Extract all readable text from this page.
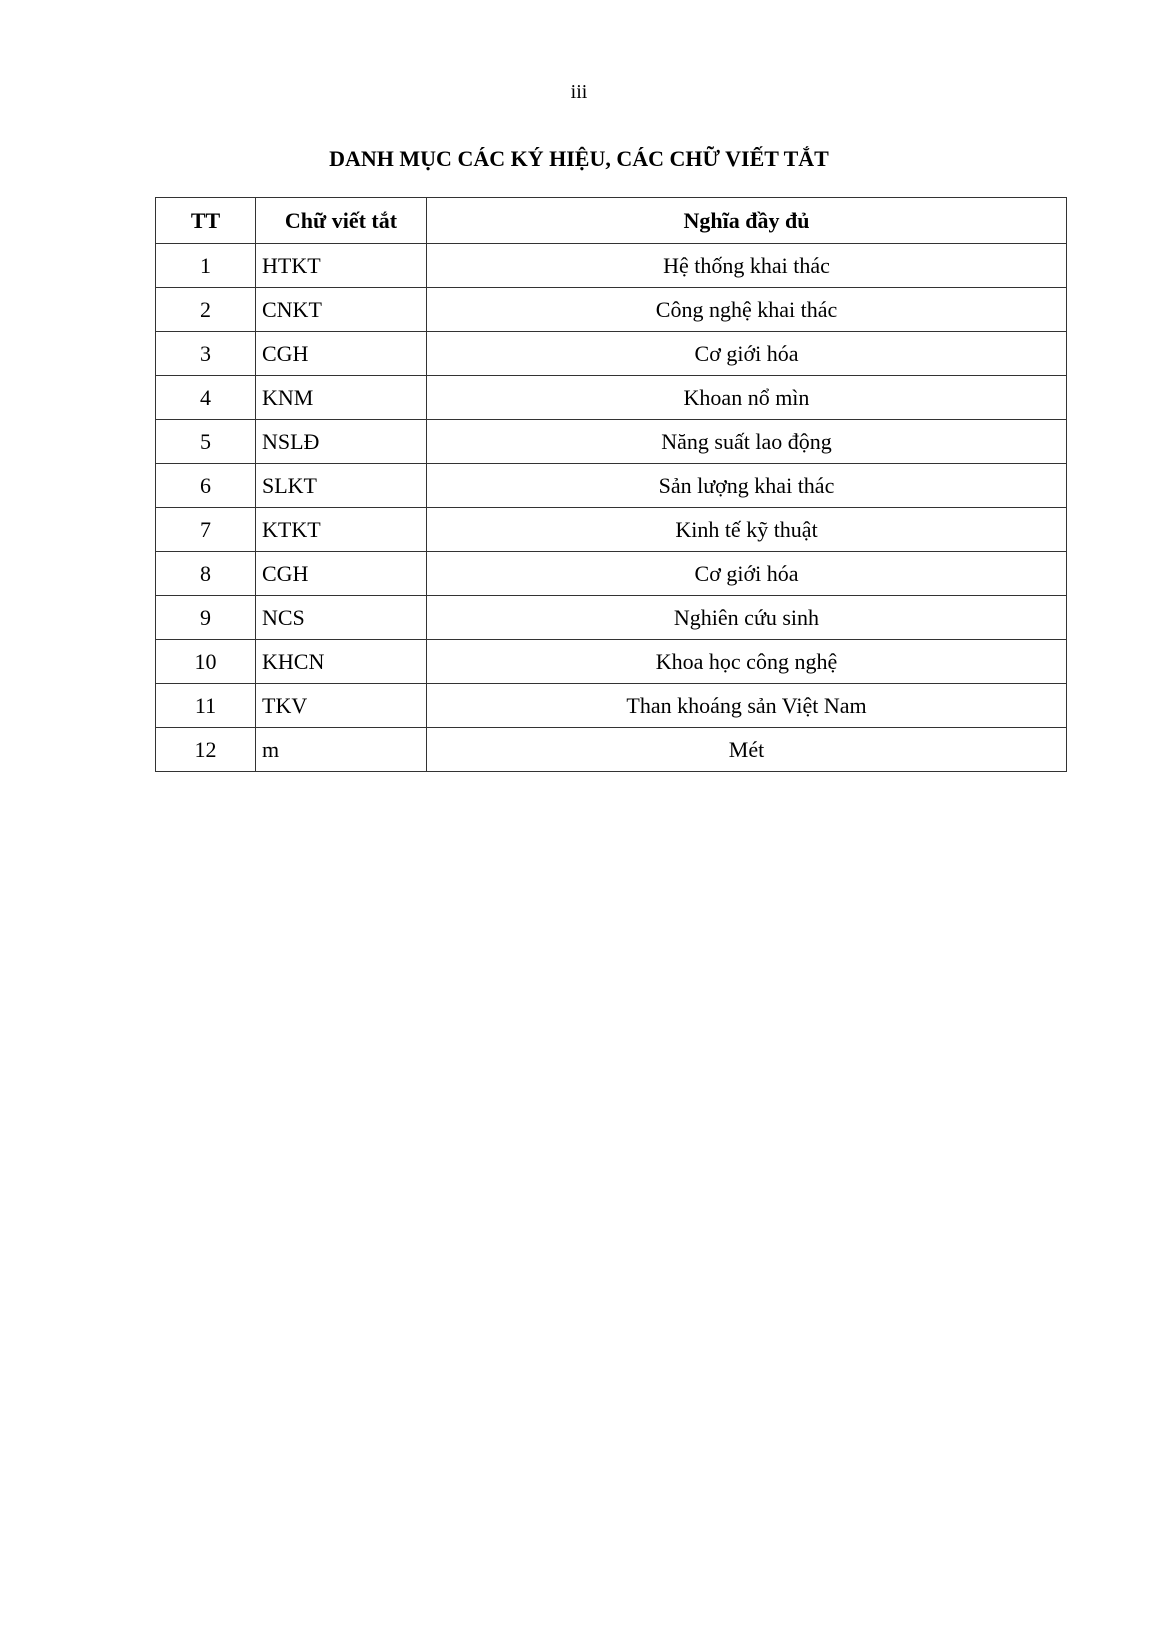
iii
DANH MỤC CÁC KÝ HIỆU, CÁC CHỮ VIẾT TẮT
TT	Chữ viết tắt	Nghĩa đầy đủ
1	HTKT	Hệ thống khai thác
2	CNKT	Công nghệ khai thác
3	CGH	Cơ giới hóa
4	KNM	Khoan nổ mìn
5	NSLĐ	Năng suất lao động
6	SLKT	Sản lượng khai thác
7	KTKT	Kinh tế kỹ thuật
8	CGH	Cơ giới hóa
9	NCS	Nghiên cứu sinh
10	KHCN	Khoa học công nghệ
11	TKV	Than khoáng sản Việt Nam
12	m	Mét
